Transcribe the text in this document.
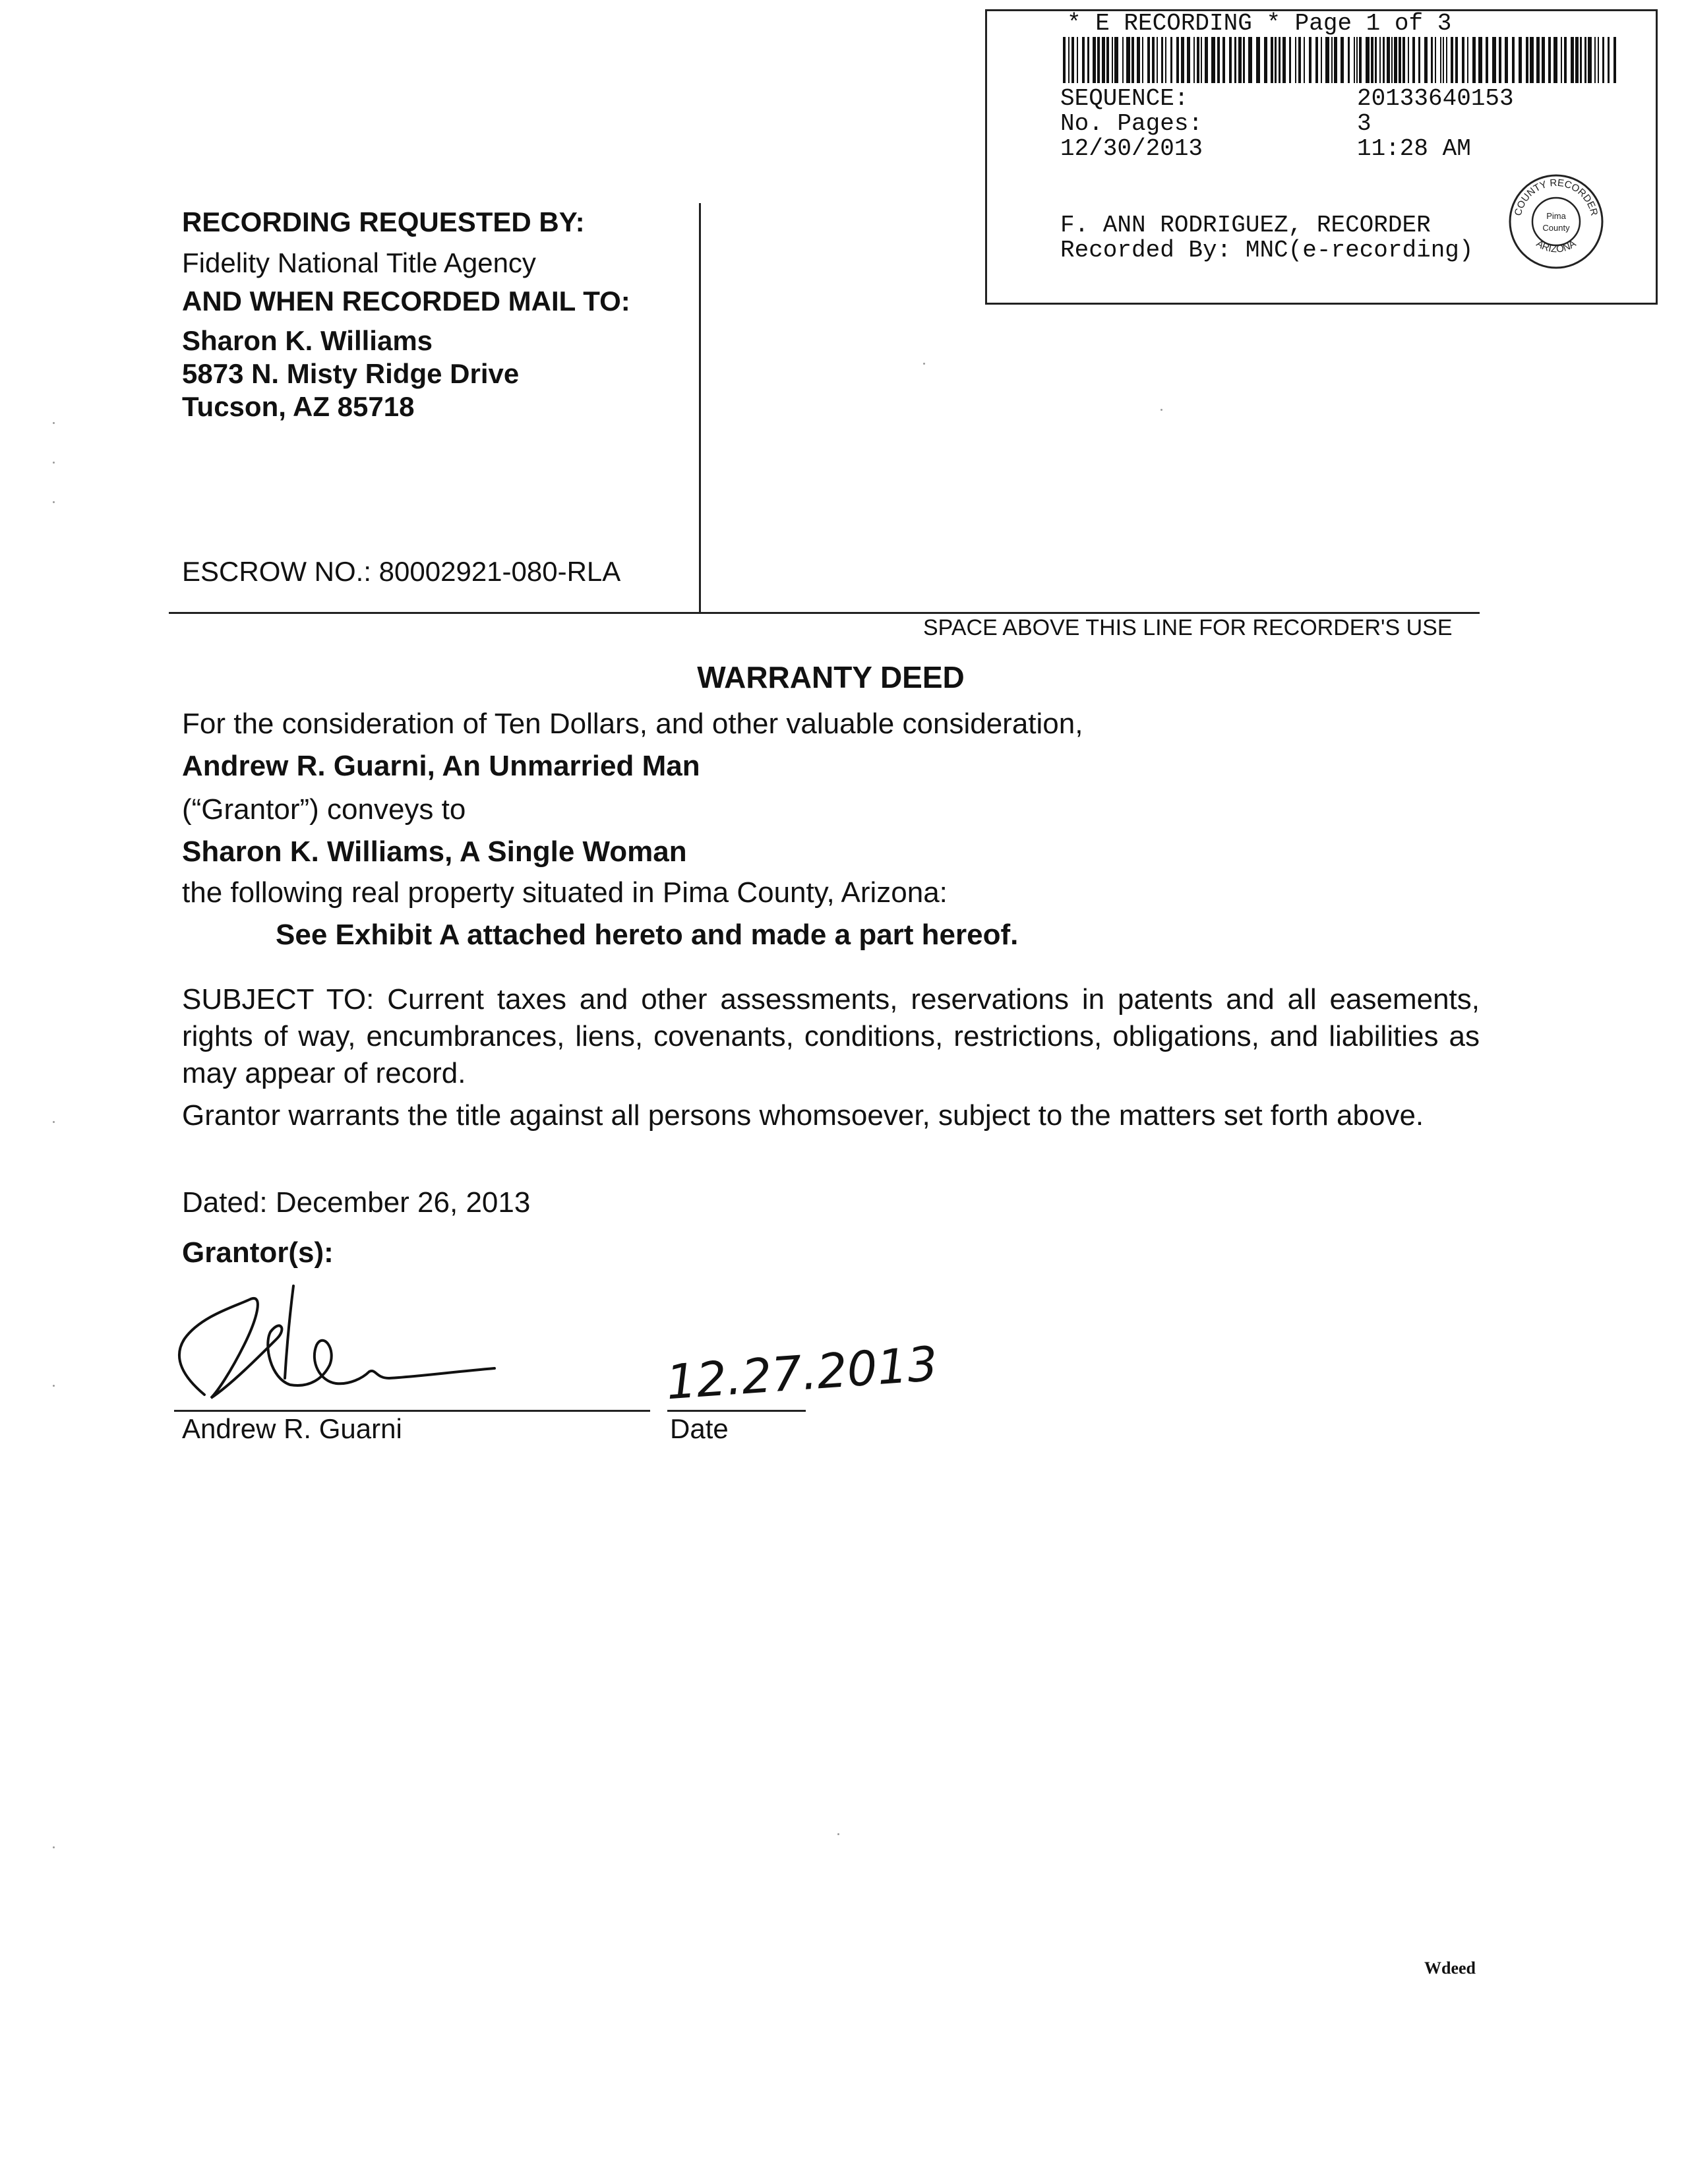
* E RECORDING * Page 1 of 3
SEQUENCE:	20133640153
No. Pages:	3
12/30/2013	11:28 AM
F. ANN RODRIGUEZ, RECORDER
Recorded By: MNC(e-recording)
COUNTY RECORDER
ARIZONA
Pima
County
RECORDING REQUESTED BY:
Fidelity National Title Agency
AND WHEN RECORDED MAIL TO:
Sharon K. Williams
5873 N. Misty Ridge Drive
Tucson, AZ 85718
ESCROW NO.: 80002921-080-RLA
SPACE ABOVE THIS LINE FOR RECORDER'S USE
WARRANTY DEED
For the consideration of Ten Dollars, and other valuable consideration,
Andrew R. Guarni, An Unmarried Man
(“Grantor”) conveys to
Sharon K. Williams, A Single Woman
the following real property situated in Pima County, Arizona:
See Exhibit A attached hereto and made a part hereof.
SUBJECT TO: Current taxes and other assessments, reservations in patents and all easements, rights of way, encumbrances, liens, covenants, conditions, restrictions, obligations, and liabilities as may appear of record.
Grantor warrants the title against all persons whomsoever, subject to the matters set forth above.
Dated: December 26, 2013
Grantor(s):
Andrew R. Guarni
12.27.2013
Date
Wdeed
